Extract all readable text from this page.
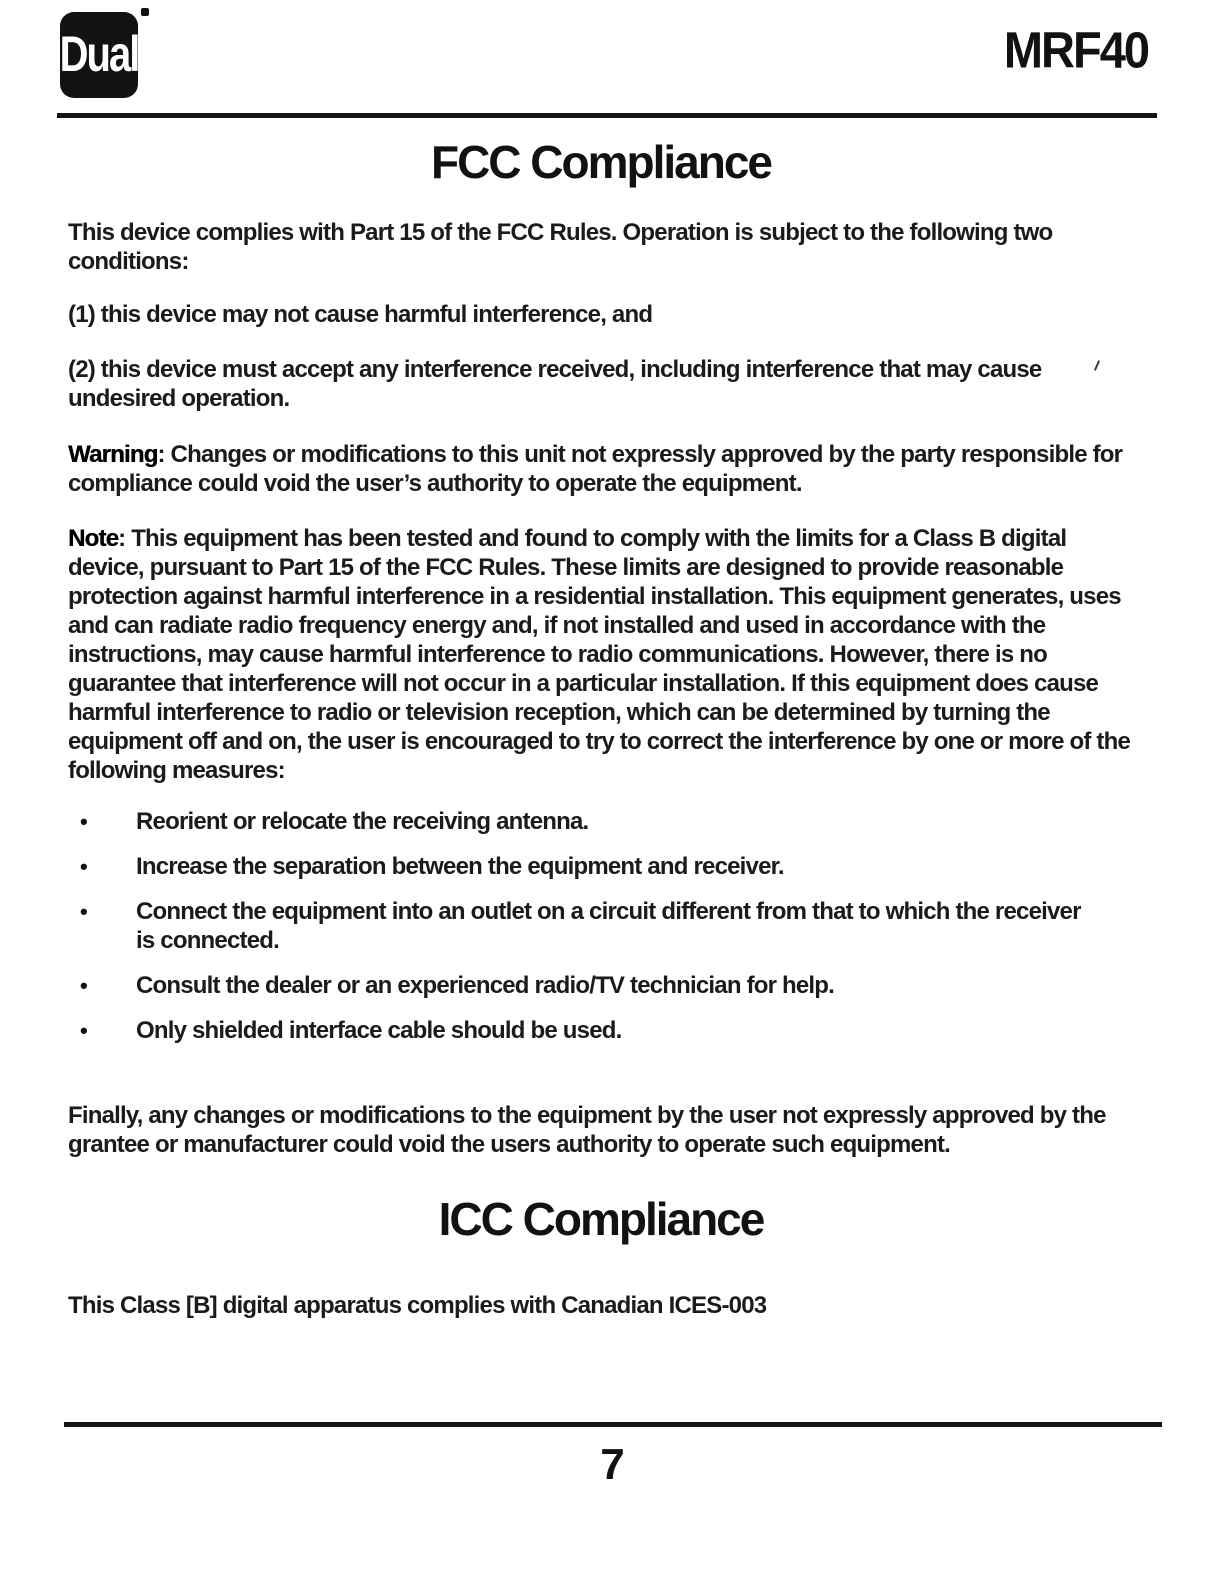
Dual	MRF40
FCC Compliance

This device complies with Part 15 of the FCC Rules. Operation is subject to the following two conditions:

(1) this device may not cause harmful interference, and

(2) this device must accept any interference received, including interference that may cause undesired operation.

Warning: Changes or modifications to this unit not expressly approved by the party responsible for compliance could void the user’s authority to operate the equipment.

Note: This equipment has been tested and found to comply with the limits for a Class B digital device, pursuant to Part 15 of the FCC Rules. These limits are designed to provide reasonable protection against harmful interference in a residential installation. This equipment generates, uses and can radiate radio frequency energy and, if not installed and used in accordance with the instructions, may cause harmful interference to radio communications. However, there is no guarantee that interference will not occur in a particular installation. If this equipment does cause harmful interference to radio or television reception, which can be determined by turning the equipment off and on, the user is encouraged to try to correct the interference by one or more of the following measures:

•	Reorient or relocate the receiving antenna.
•	Increase the separation between the equipment and receiver.
•	Connect the equipment into an outlet on a circuit different from that to which the receiver is connected.
•	Consult the dealer or an experienced radio/TV technician for help.
•	Only shielded interface cable should be used.

Finally, any changes or modifications to the equipment by the user not expressly approved by the grantee or manufacturer could void the users authority to operate such equipment.

ICC Compliance

This Class [B] digital apparatus complies with Canadian ICES-003

7
